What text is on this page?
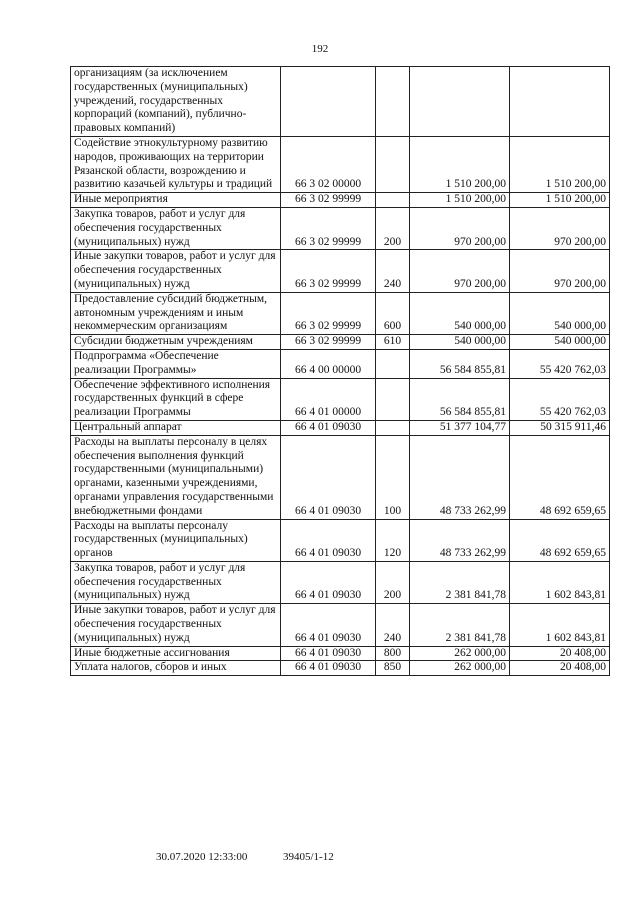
192
организациям (за исключением государственных (муниципальных) учреждений, государственных корпораций (компаний), публично-правовых компаний)				
Содействие этнокультурному развитию народов, проживающих на территории Рязанской области, возрождению и развитию казачьей культуры и традиций	66 3 02 00000		1 510 200,00	1 510 200,00
Иные мероприятия	66 3 02 99999		1 510 200,00	1 510 200,00
Закупка товаров, работ и услуг для обеспечения государственных (муниципальных) нужд	66 3 02 99999	200	970 200,00	970 200,00
Иные закупки товаров, работ и услуг для обеспечения государственных (муниципальных) нужд	66 3 02 99999	240	970 200,00	970 200,00
Предоставление субсидий бюджетным, автономным учреждениям и иным некоммерческим организациям	66 3 02 99999	600	540 000,00	540 000,00
Субсидии бюджетным учреждениям	66 3 02 99999	610	540 000,00	540 000,00
Подпрограмма «Обеспечение реализации Программы»	66 4 00 00000		56 584 855,81	55 420 762,03
Обеспечение эффективного исполнения государственных функций в сфере реализации Программы	66 4 01 00000		56 584 855,81	55 420 762,03
Центральный аппарат	66 4 01 09030		51 377 104,77	50 315 911,46
Расходы на выплаты персоналу в целях обеспечения выполнения функций государственными (муниципальными) органами, казенными учреждениями, органами управления государственными внебюджетными фондами	66 4 01 09030	100	48 733 262,99	48 692 659,65
Расходы на выплаты персоналу государственных (муниципальных) органов	66 4 01 09030	120	48 733 262,99	48 692 659,65
Закупка товаров, работ и услуг для обеспечения государственных (муниципальных) нужд	66 4 01 09030	200	2 381 841,78	1 602 843,81
Иные закупки товаров, работ и услуг для обеспечения государственных (муниципальных) нужд	66 4 01 09030	240	2 381 841,78	1 602 843,81
Иные бюджетные ассигнования	66 4 01 09030	800	262 000,00	20 408,00
Уплата налогов, сборов и иных	66 4 01 09030	850	262 000,00	20 408,00
30.07.2020 12:33:00	39405/1-12
